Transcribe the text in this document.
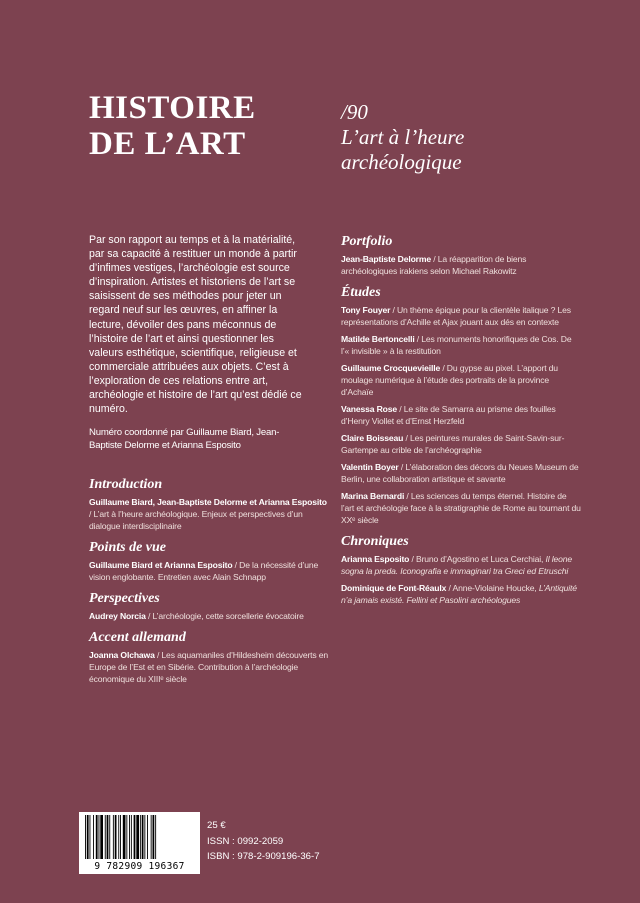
HISTOIRE
DE L’ART
/90
L’art à l’heure
archéologique

Par son rapport au temps et à la matérialité, par sa capacité à restituer un monde à partir d’infimes vestiges, l’archéologie est source d’inspiration. Artistes et historiens de l’art se saisissent de ses méthodes pour jeter un regard neuf sur les œuvres, en affiner la lecture, dévoiler des pans méconnus de l’histoire de l’art et ainsi questionner les valeurs esthétique, scientifique, religieuse et commerciale attribuées aux objets. C’est à l’exploration de ces relations entre art, archéologie et histoire de l’art qu’est dédié ce numéro.

Numéro coordonné par Guillaume Biard, Jean-Baptiste Delorme et Arianna Esposito

Introduction
Guillaume Biard, Jean-Baptiste Delorme et Arianna Esposito / L’art à l’heure archéologique. Enjeux et perspectives d’un dialogue interdisciplinaire
Points de vue
Guillaume Biard et Arianna Esposito / De la nécessité d’une vision englobante. Entretien avec Alain Schnapp
Perspectives
Audrey Norcia / L’archéologie, cette sorcellerie évocatoire
Accent allemand
Joanna Olchawa / Les aquamaniles d’Hildesheim découverts en Europe de l’Est et en Sibérie. Contribution à l’archéologie économique du XIIIᵉ siècle
Portfolio
Jean-Baptiste Delorme / La réapparition de biens archéologiques irakiens selon Michael Rakowitz
Études
Tony Fouyer / Un thème épique pour la clientèle italique ? Les représentations d’Achille et Ajax jouant aux dés en contexte
Matilde Bertoncelli / Les monuments honorifiques de Cos. De l’« invisible » à la restitution
Guillaume Crocquevieille / Du gypse au pixel. L’apport du moulage numérique à l’étude des portraits de la province d’Achaïe
Vanessa Rose / Le site de Samarra au prisme des fouilles d’Henry Viollet et d’Ernst Herzfeld
Claire Boisseau / Les peintures murales de Saint-Savin-sur-Gartempe au crible de l’archéographie
Valentin Boyer / L’élaboration des décors du Neues Museum de Berlin, une collaboration artistique et savante
Marina Bernardi / Les sciences du temps éternel. Histoire de l’art et archéologie face à la stratigraphie de Rome au tournant du XXᵉ siècle
Chroniques
Arianna Esposito / Bruno d’Agostino et Luca Cerchiai, Il leone sogna la preda. Iconografia e immaginari tra Greci ed Etruschi
Dominique de Font-Réaulx / Anne-Violaine Houcke, L’Antiquité n’a jamais existé. Fellini et Pasolini archéologues
9 782909 196367
25 €
ISSN : 0992-2059
ISBN : 978-2-909196-36-7
